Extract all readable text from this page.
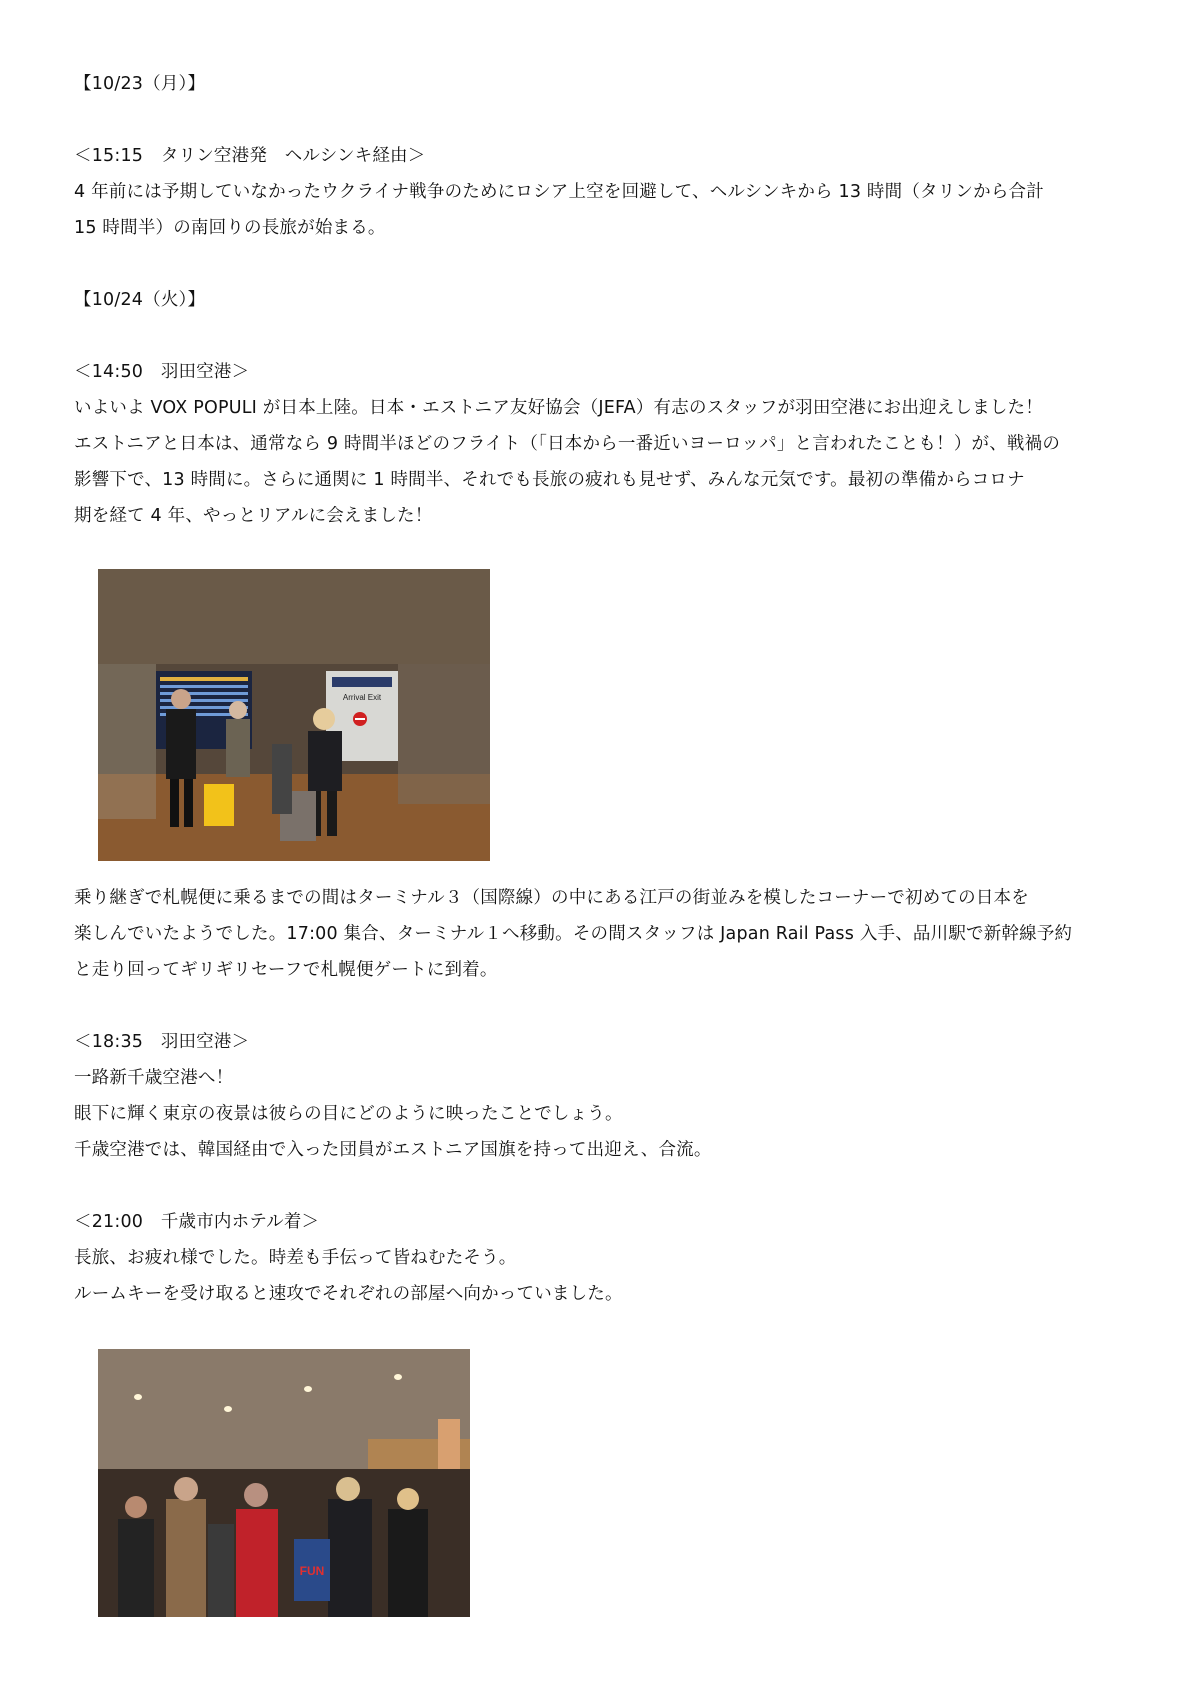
【10/23（月）】
＜15:15　タリン空港発　ヘルシンキ経由＞
4 年前には予期していなかったウクライナ戦争のためにロシア上空を回避して、ヘルシンキから 13 時間（タリンから合計
15 時間半）の南回りの長旅が始まる。
【10/24（火）】
＜14:50　羽田空港＞
いよいよ VOX POPULI が日本上陸。日本・エストニア友好協会（JEFA）有志のスタッフが羽田空港にお出迎えしました！
エストニアと日本は、通常なら 9 時間半ほどのフライト（「日本から一番近いヨーロッパ」と言われたことも！）が、戦禍の
影響下で、13 時間に。さらに通関に 1 時間半、それでも長旅の疲れも見せず、みんな元気です。最初の準備からコロナ
期を経て 4 年、やっとリアルに会えました！
Arrival Exit
乗り継ぎで札幌便に乗るまでの間はターミナル３（国際線）の中にある江戸の街並みを模したコーナーで初めての日本を
楽しんでいたようでした。17:00 集合、ターミナル１へ移動。その間スタッフは Japan Rail Pass 入手、品川駅で新幹線予約
と走り回ってギリギリセーフで札幌便ゲートに到着。
＜18:35　羽田空港＞
一路新千歳空港へ！
眼下に輝く東京の夜景は彼らの目にどのように映ったことでしょう。
千歳空港では、韓国経由で入った団員がエストニア国旗を持って出迎え、合流。
＜21:00　千歳市内ホテル着＞
長旅、お疲れ様でした。時差も手伝って皆ねむたそう。
ルームキーを受け取ると速攻でそれぞれの部屋へ向かっていました。
FUN
